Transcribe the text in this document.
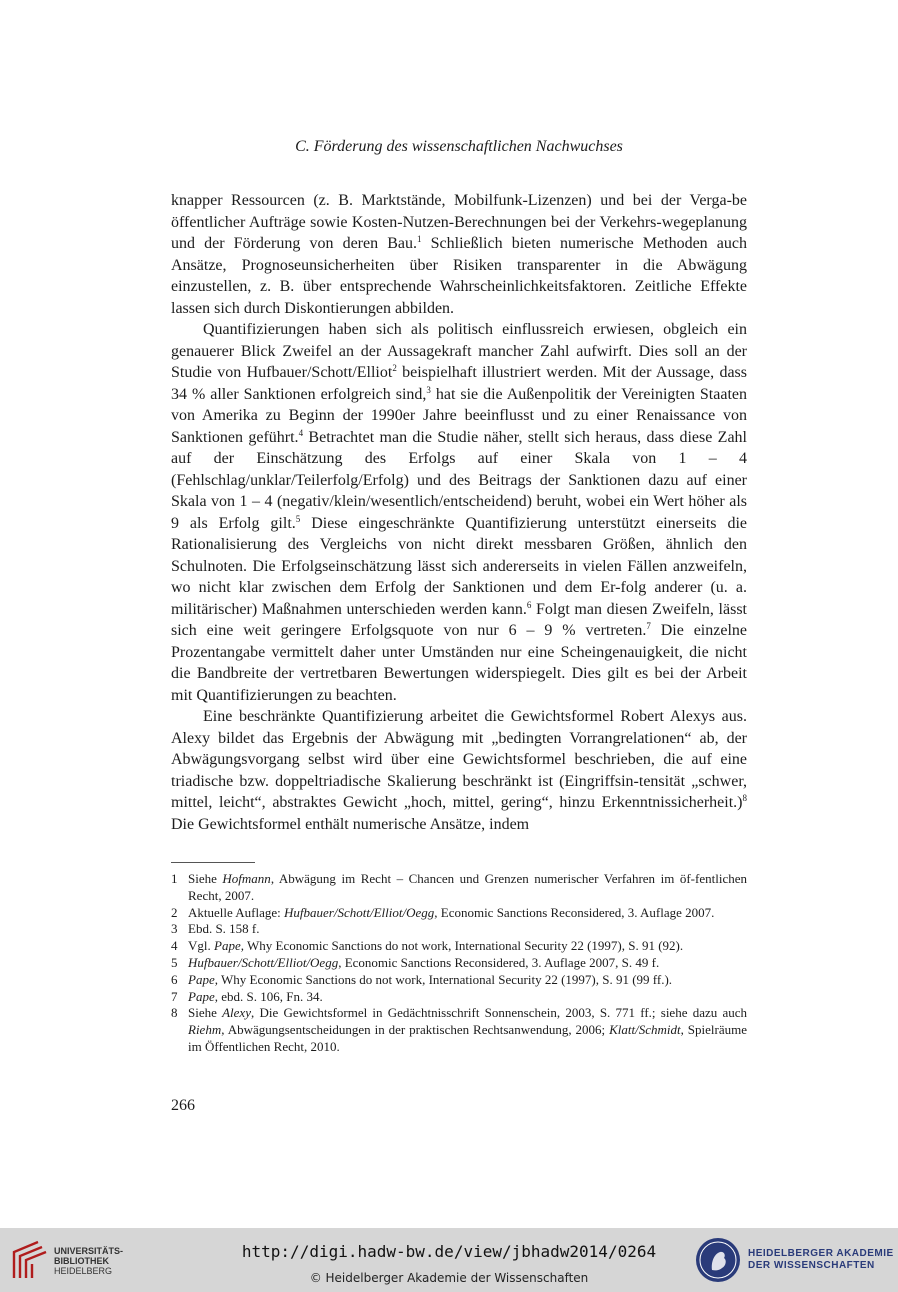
C. Förderung des wissenschaftlichen Nachwuchses

knapper Ressourcen (z. B. Marktstände, Mobilfunk-Lizenzen) und bei der Verga-be öffentlicher Aufträge sowie Kosten-Nutzen-Berechnungen bei der Verkehrs-wegeplanung und der Förderung von deren Bau.$^1$ Schließlich bieten numerische Methoden auch Ansätze, Prognoseunsicherheiten über Risiken transparenter in die Abwägung einzustellen, z. B. über entsprechende Wahrscheinlichkeitsfaktoren. Zeitliche Effekte lassen sich durch Diskontierungen abbilden.

Quantifizierungen haben sich als politisch einflussreich erwiesen, obgleich ein genauerer Blick Zweifel an der Aussagekraft mancher Zahl aufwirft. Dies soll an der Studie von Hufbauer/Schott/Elliot$^2$ beispielhaft illustriert werden. Mit der Aussage, dass 34 % aller Sanktionen erfolgreich sind,$^3$ hat sie die Außenpolitik der Vereinigten Staaten von Amerika zu Beginn der 1990er Jahre beeinflusst und zu einer Renaissance von Sanktionen geführt.$^4$ Betrachtet man die Studie näher, stellt sich heraus, dass diese Zahl auf der Einschätzung des Erfolgs auf einer Skala von 1 – 4 (Fehlschlag/unklar/Teilerfolg/Erfolg) und des Beitrags der Sanktionen dazu auf einer Skala von 1 – 4 (negativ/klein/wesentlich/entscheidend) beruht, wobei ein Wert höher als 9 als Erfolg gilt.$^5$ Diese eingeschränkte Quantifizierung unterstützt einerseits die Rationalisierung des Vergleichs von nicht direkt messbaren Größen, ähnlich den Schulnoten. Die Erfolgseinschätzung lässt sich andererseits in vielen Fällen anzweifeln, wo nicht klar zwischen dem Erfolg der Sanktionen und dem Er-folg anderer (u. a. militärischer) Maßnahmen unterschieden werden kann.$^6$ Folgt man diesen Zweifeln, lässt sich eine weit geringere Erfolgsquote von nur 6 – 9 % vertreten.$^7$ Die einzelne Prozentangabe vermittelt daher unter Umständen nur eine Scheingenauigkeit, die nicht die Bandbreite der vertretbaren Bewertungen widerspiegelt. Dies gilt es bei der Arbeit mit Quantifizierungen zu beachten.

Eine beschränkte Quantifizierung arbeitet die Gewichtsformel Robert Alexys aus. Alexy bildet das Ergebnis der Abwägung mit „bedingten Vorrangrelationen“ ab, der Abwägungsvorgang selbst wird über eine Gewichtsformel beschrieben, die auf eine triadische bzw. doppeltriadische Skalierung beschränkt ist (Eingriffsin-tensität „schwer, mittel, leicht“, abstraktes Gewicht „hoch, mittel, gering“, hinzu Erkenntnissicherheit.)$^8$ Die Gewichtsformel enthält numerische Ansätze, indem

1 Siehe Hofmann, Abwägung im Recht – Chancen und Grenzen numerischer Verfahren im öf-fentlichen Recht, 2007.
2 Aktuelle Auflage: Hufbauer/Schott/Elliot/Oegg, Economic Sanctions Reconsidered, 3. Auflage 2007.
3 Ebd. S. 158 f.
4 Vgl. Pape, Why Economic Sanctions do not work, International Security 22 (1997), S. 91 (92).
5 Hufbauer/Schott/Elliot/Oegg, Economic Sanctions Reconsidered, 3. Auflage 2007, S. 49 f.
6 Pape, Why Economic Sanctions do not work, International Security 22 (1997), S. 91 (99 ff.).
7 Pape, ebd. S. 106, Fn. 34.
8 Siehe Alexy, Die Gewichtsformel in Gedächtnisschrift Sonnenschein, 2003, S. 771 ff.; siehe dazu auch Riehm, Abwägungsentscheidungen in der praktischen Rechtsanwendung, 2006; Klatt/Schmidt, Spielräume im Öffentlichen Recht, 2010.
266
UNIVERSITÄTS-
BIBLIOTHEK
HEIDELBERG
http://digi.hadw-bw.de/view/jbhadw2014/0264
© Heidelberger Akademie der Wissenschaften
HEIDELBERGER AKADEMIE
DER WISSENSCHAFTEN
